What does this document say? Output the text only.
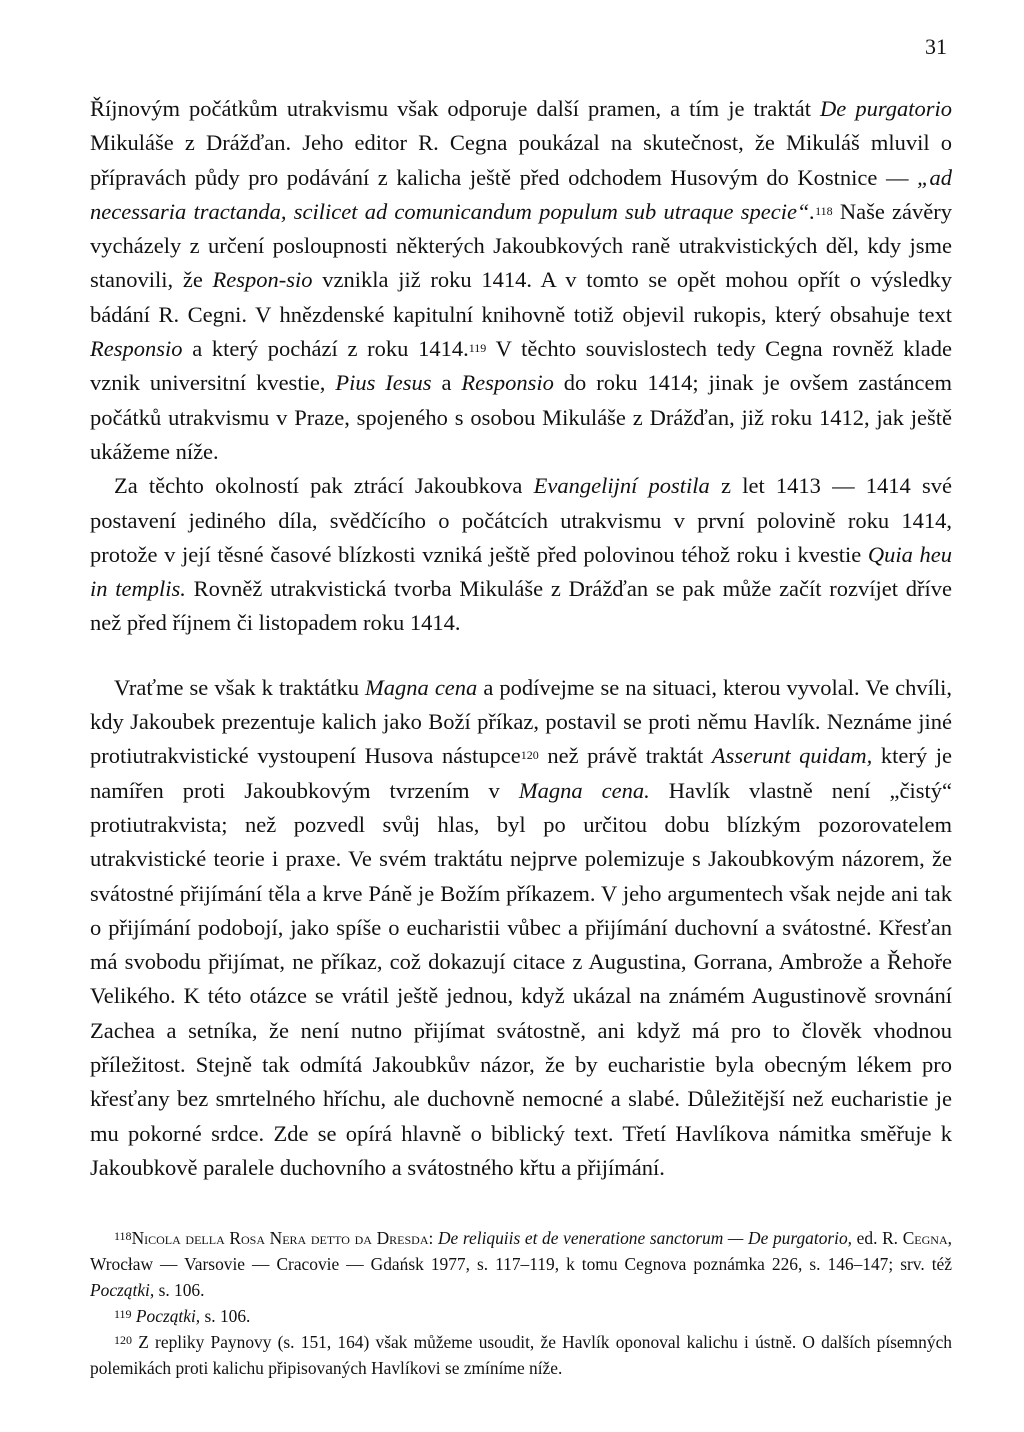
31

Říjnovým počátkům utrakvismu však odporuje další pramen, a tím je traktát De purgatorio Mikuláše z Drážďan. Jeho editor R. Cegna poukázal na skutečnost, že Mikuláš mluvil o přípravách půdy pro podávání z kalicha ještě před odchodem Husovým do Kostnice — „ad necessaria tractanda, scilicet ad comunicandum populum sub utraque specie“.$^{118}$ Naše závěry vycházely z určení posloupnosti některých Jakoubkových raně utrakvistických děl, kdy jsme stanovili, že Respon-sio vznikla již roku 1414. A v tomto se opět mohou opřít o výsledky bádání R. Cegni. V hnězdenské kapitulní knihovně totiž objevil rukopis, který obsahuje text Responsio a který pochází z roku 1414.$^{119}$ V těchto souvislostech tedy Cegna rovněž klade vznik universitní kvestie, Pius Iesus a Responsio do roku 1414; jinak je ovšem zastáncem počátků utrakvismu v Praze, spojeného s osobou Mikuláše z Drážďan, již roku 1412, jak ještě ukážeme níže.

Za těchto okolností pak ztrácí Jakoubkova Evangelijní postila z let 1413 — 1414 své postavení jediného díla, svědčícího o počátcích utrakvismu v první polovině roku 1414, protože v její těsné časové blízkosti vzniká ještě před polovinou téhož roku i kvestie Quia heu in templis. Rovněž utrakvistická tvorba Mikuláše z Drážďan se pak může začít rozvíjet dříve než před říjnem či listopadem roku 1414.

Vraťme se však k traktátku Magna cena a podívejme se na situaci, kterou vyvolal. Ve chvíli, kdy Jakoubek prezentuje kalich jako Boží příkaz, postavil se proti němu Havlík. Neznáme jiné protiutrakvistické vystoupení Husova nástupce$^{120}$ než právě traktát Asserunt quidam, který je namířen proti Jakoubkovým tvrzením v Magna cena. Havlík vlastně není „čistý“ protiutrakvista; než pozvedl svůj hlas, byl po určitou dobu blízkým pozorovatelem utrakvistické teorie i praxe. Ve svém traktátu nejprve polemizuje s Jakoubkovým názorem, že svátostné přijímání těla a krve Páně je Božím příkazem. V jeho argumentech však nejde ani tak o přijímání podobojí, jako spíše o eucharistii vůbec a přijímání duchovní a svátostné. Křesťan má svobodu přijímat, ne příkaz, což dokazují citace z Augustina, Gorrana, Ambrože a Řehoře Velikého. K této otázce se vrátil ještě jednou, když ukázal na známém Augustinově srovnání Zachea a setníka, že není nutno přijímat svátostně, ani když má pro to člověk vhodnou příležitost. Stejně tak odmítá Jakoubkův názor, že by eucharistie byla obecným lékem pro křesťany bez smrtelného hříchu, ale duchovně nemocné a slabé. Důležitější než eucharistie je mu pokorné srdce. Zde se opírá hlavně o biblický text. Třetí Havlíkova námitka směřuje k Jakoubkově paralele duchovního a svátostného křtu a přijímání.

$^{118}$Nicola della Rosa Nera detto da Dresda: De reliquiis et de veneratione sanctorum — De purgatorio, ed. R. Cegna, Wrocław — Varsovie — Cracovie — Gdańsk 1977, s. 117–119, k tomu Cegnova poznámka 226, s. 146–147; srv. též Początki, s. 106.

$^{119}$ Początki, s. 106.

$^{120}$ Z repliky Paynovy (s. 151, 164) však můžeme usoudit, že Havlík oponoval kalichu i ústně. O dalších písemných polemikách proti kalichu připisovaných Havlíkovi se zmíníme níže.
